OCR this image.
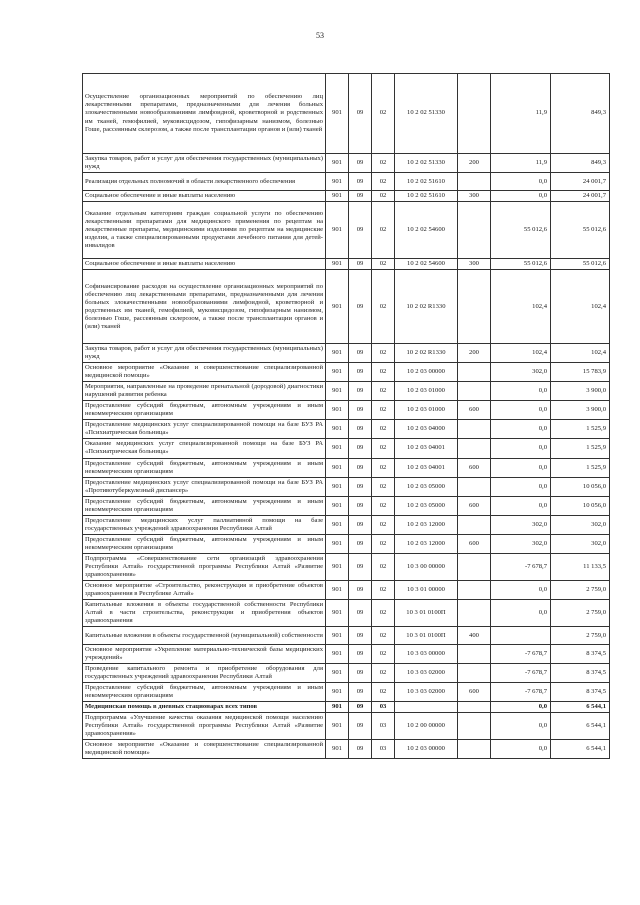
53
Осуществление организационных мероприятий по обеспечению лиц лекарственными препаратами, предназначенными для лечения больных злокачественными новообразованиями лимфоидной, кроветворной и родственных им тканей, гемофилией, муковисцидозом, гипофизарным нанизмом, болезнью Гоше, рассеянным склерозом, а также после трансплантации органов и (или) тканей	901	09	02	10 2 02 51330		11,9	849,3
Закупка товаров, работ и услуг для обеспечения государственных (муниципальных) нужд	901	09	02	10 2 02 51330	200	11,9	849,3
Реализация отдельных полномочий в области лекарственного обеспечения	901	09	02	10 2 02 51610		0,0	24 001,7
Социальное обеспечение и иные выплаты населению	901	09	02	10 2 02 51610	300	0,0	24 001,7
Оказание отдельным категориям граждан социальной услуги по обеспечению лекарственными препаратами для медицинского применения по рецептам на лекарственные препараты, медицинскими изделиями по рецептам на медицинские изделия, а также специализированными продуктами лечебного питания для детей-инвалидов	901	09	02	10 2 02 54600		55 012,6	55 012,6
Социальное обеспечение и иные выплаты населению	901	09	02	10 2 02 54600	300	55 012,6	55 012,6
Софинансирование расходов на осуществление организационных мероприятий по обеспечению лиц лекарственными препаратами, предназначенными для лечения больных злокачественными новообразованиями лимфоидной, кроветворной и родственных им тканей, гемофилией, муковисцидозом, гипофизарным нанизмом, болезнью Гоше, рассеянным склерозом, а также после трансплантации органов и (или) тканей	901	09	02	10 2 02 R1330		102,4	102,4
Закупка товаров, работ и услуг для обеспечения государственных (муниципальных) нужд	901	09	02	10 2 02 R1330	200	102,4	102,4
Основное мероприятие «Оказание и совершенствование специализированной медицинской помощи»	901	09	02	10 2 03 00000		302,0	15 783,9
Мероприятия, направленные на проведение пренатальной (дородовой) диагностики нарушений развития ребенка	901	09	02	10 2 03 01000		0,0	3 900,0
Предоставление субсидий бюджетным, автономным учреждениям и иным некоммерческим организациям	901	09	02	10 2 03 01000	600	0,0	3 900,0
Предоставление медицинских услуг специализированной помощи на базе БУЗ РА «Психиатрическая больница»	901	09	02	10 2 03 04000		0,0	1 525,9
Оказание медицинских услуг специализированной помощи на базе БУЗ РА «Психиатрическая больница»	901	09	02	10 2 03 04001		0,0	1 525,9
Предоставление субсидий бюджетным, автономным учреждениям и иным некоммерческим организациям	901	09	02	10 2 03 04001	600	0,0	1 525,9
Предоставление медицинских услуг специализированной помощи на базе БУЗ РА «Противотуберкулезный диспансер»	901	09	02	10 2 03 05000		0,0	10 056,0
Предоставление субсидий бюджетным, автономным учреждениям и иным некоммерческим организациям	901	09	02	10 2 03 05000	600	0,0	10 056,0
Предоставление медицинских услуг паллиативной помощи на базе государственных учреждений здравоохранения Республики Алтай	901	09	02	10 2 03 12000		302,0	302,0
Предоставление субсидий бюджетным, автономным учреждениям и иным некоммерческим организациям	901	09	02	10 2 03 12000	600	302,0	302,0
Подпрограмма «Совершенствование сети организаций здравоохранения Республики Алтай» государственной программы Республики Алтай «Развитие здравоохранения»	901	09	02	10 3 00 00000		-7 678,7	11 133,5
Основное мероприятие «Строительство, реконструкция и приобретение объектов здравоохранения в Республике Алтай»	901	09	02	10 3 01 00000		0,0	2 759,0
Капитальные вложения в объекты государственной собственности Республики Алтай в части строительства, реконструкции и приобретения объектов здравоохранения	901	09	02	10 3 01 0100П		0,0	2 759,0
Капитальные вложения в объекты государственной (муниципальной) собственности	901	09	02	10 3 01 0100П	400		2 759,0
Основное мероприятие «Укрепление материально-технической базы медицинских учреждений»	901	09	02	10 3 03 00000		-7 678,7	8 374,5
Проведение капитального ремонта и приобретение оборудования для государственных учреждений здравоохранения Республики Алтай	901	09	02	10 3 03 02000		-7 678,7	8 374,5
Предоставление субсидий бюджетным, автономным учреждениям и иным некоммерческим организациям	901	09	02	10 3 03 02000	600	-7 678,7	8 374,5
Медицинская помощь в дневных стационарах всех типов	901	09	03			0,0	6 544,1
Подпрограмма «Улучшение качества оказания медицинской помощи населению Республики Алтай» государственной программы Республики Алтай «Развитие здравоохранения»	901	09	03	10 2 00 00000		0,0	6 544,1
Основное мероприятие «Оказание и совершенствование специализированной медицинской помощи»	901	09	03	10 2 03 00000		0,0	6 544,1
